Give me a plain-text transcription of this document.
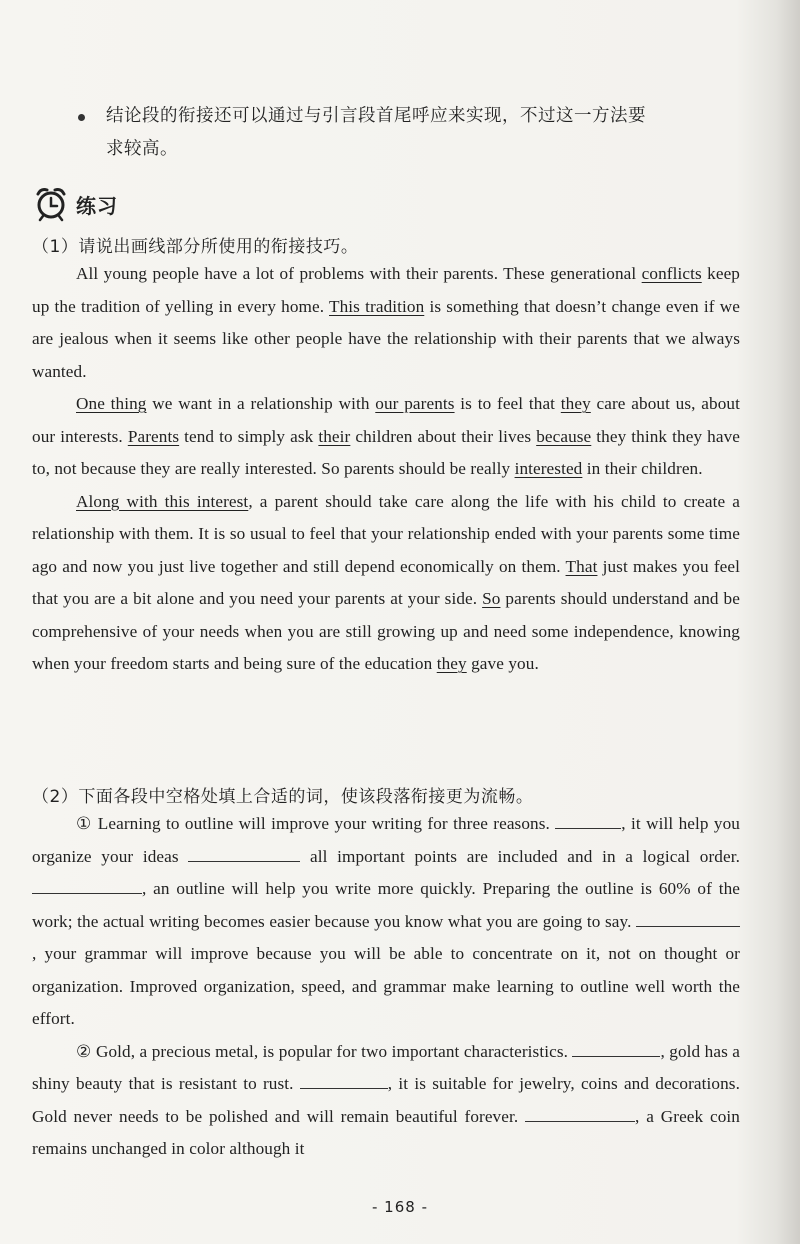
结论段的衔接还可以通过与引言段首尾呼应来实现，不过这一方法要
求较高。
练习
（1）请说出画线部分所使用的衔接技巧。

All young people have a lot of problems with their parents. These generational conflicts keep up the tradition of yelling in every home. This tradition is something that doesn’t change even if we are jealous when it seems like other people have the relationship with their parents that we always wanted.

One thing we want in a relationship with our parents is to feel that they care about us, about our interests. Parents tend to simply ask their children about their lives because they think they have to, not because they are really interested. So parents should be really interested in their children.

Along with this interest, a parent should take care along the life with his child to create a relationship with them. It is so usual to feel that your relationship ended with your parents some time ago and now you just live together and still depend economically on them. That just makes you feel that you are a bit alone and you need your parents at your side. So parents should understand and be comprehensive of your needs when you are still growing up and need some independence, knowing when your freedom starts and being sure of the education they gave you.

（2）下面各段中空格处填上合适的词，使该段落衔接更为流畅。

① Learning to outline will improve your writing for three reasons.	, it will help you organize your ideas	all important points are included and in a logical order. , an outline will help you write more quickly. Preparing the outline is 60% of the work; the actual writing becomes easier because you know what you are going to say. , your grammar will improve because you will be able to concentrate on it, not on thought or organization. Improved organization, speed, and grammar make learning to outline well worth the effort.

② Gold, a precious metal, is popular for two important characteristics.	, gold has a shiny beauty that is resistant to rust.	, it is suitable for jewelry, coins and decorations. Gold never needs to be polished and will remain beautiful forever.	, a Greek coin remains unchanged in color although it

- 168 -
